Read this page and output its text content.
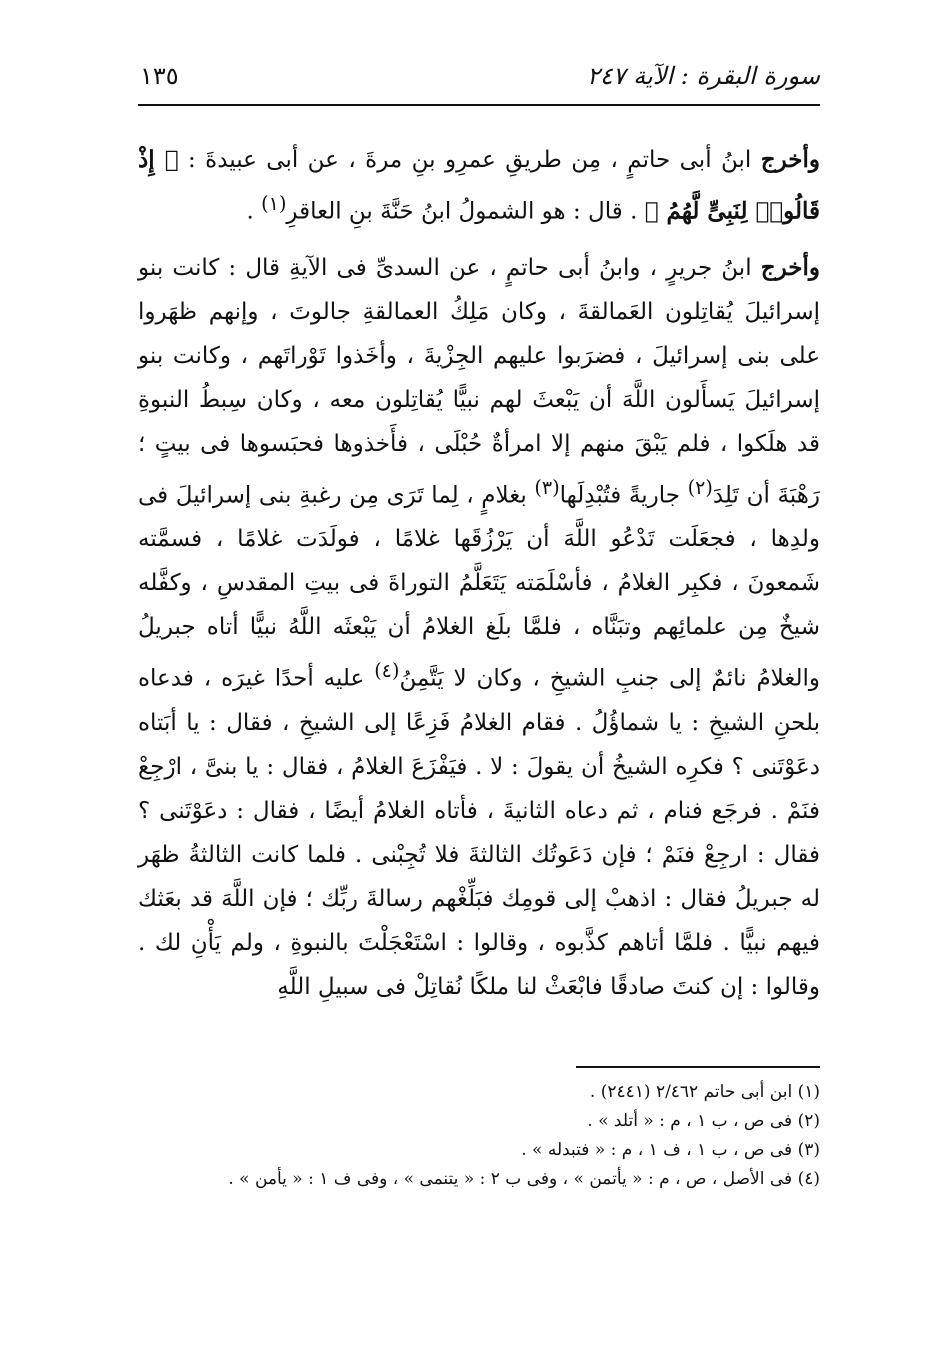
سورة البقرة : الآية ٢٤٧
١٣٥

وأخرج ابنُ أبى حاتمٍ ، مِن طريقِ عمرِو بنِ مرةَ ، عن أبى عبيدةَ : ﴿ إِذْ قَالُوا۟ لِنَبِىٍّ لَّهُمُ ﴾ . قال : هو الشمولُ ابنُ حَنَّةَ بنِ العاقرِ$^{(١)}$ .

وأخرج ابنُ جريرٍ ، وابنُ أبى حاتمٍ ، عن السدىِّ فى الآيةِ قال : كانت بنو إسرائيلَ يُقاتِلون العَمالقةَ ، وكان مَلِكُ العمالقةِ جالوتَ ، وإنهم ظهَروا على بنى إسرائيلَ ، فضرَبوا عليهم الجِزْيةَ ، وأخَذوا تَوْراتَهم ، وكانت بنو إسرائيلَ يَسأَلون اللَّهَ أن يَبْعثَ لهم نبيًّا يُقاتِلون معه ، وكان سِبطُ النبوةِ قد هلَكوا ، فلم يَبْقَ منهم إلا امرأةٌ حُبْلَى ، فأَخذوها فحبَسوها فى بيتٍ ؛ رَهْبَةَ أن تَلِدَ$^{(٢)}$ جاريةً فتُبْدِلَها$^{(٣)}$ بغلامٍ ، لِما تَرَى مِن رغبةِ بنى إسرائيلَ فى ولدِها ، فجعَلَت تَدْعُو اللَّهَ أن يَرْزُقَها غلامًا ، فولَدَت غلامًا ، فسمَّته شَمعونَ ، فكبِر الغلامُ ، فأسْلَمَته يَتَعَلَّمُ التوراةَ فى بيتِ المقدسِ ، وكفَّله شيخٌ مِن علمائِهم وتبَنَّاه ، فلمَّا بلَغ الغلامُ أن يَبْعثَه اللَّهُ نبيًّا أتاه جبريلُ والغلامُ نائمٌ إلى جنبِ الشيخِ ، وكان لا يَتَّمِنُ$^{(٤)}$ عليه أحدًا غيرَه ، فدعاه بلحنِ الشيخِ : يا شماؤُلُ . فقام الغلامُ فَزِعًا إلى الشيخِ ، فقال : يا أبَتاه دعَوْتَنى ؟ فكرِه الشيخُ أن يقولَ : لا . فيَفْزَعَ الغلامُ ، فقال : يا بنىَّ ، ارْجِعْ فنَمْ . فرجَع فنام ، ثم دعاه الثانيةَ ، فأتاه الغلامُ أيضًا ، فقال : دعَوْتَنى ؟ فقال : ارجِعْ فنَمْ ؛ فإن دَعَوتُك الثالثةَ فلا تُجِبْنى . فلما كانت الثالثةُ ظهَر له جبريلُ فقال : اذهبْ إلى قومِك فبَلِّغْهم رسالةَ ربِّك ؛ فإن اللَّهَ قد بعَثك فيهم نبيًّا . فلمَّا أتاهم كذَّبوه ، وقالوا : اسْتَعْجَلْتَ بالنبوةِ ، ولم يَأْنِ لك . وقالوا : إن كنتَ صادقًا فابْعَثْ لنا ملكًا نُقاتِلْ فى سبيلِ اللَّهِ

(١) ابن أبى حاتم ٢/٤٦٢ (٢٤٤١) .
(٢) فى ص ، ب ١ ، م : « أتلد » .
(٣) فى ص ، ب ١ ، ف ١ ، م : « فتبدله » .
(٤) فى الأصل ، ص ، م : « يأتمن » ، وفى ب ٢ : « يتنمى » ، وفى ف ١ : « يأمن » .
